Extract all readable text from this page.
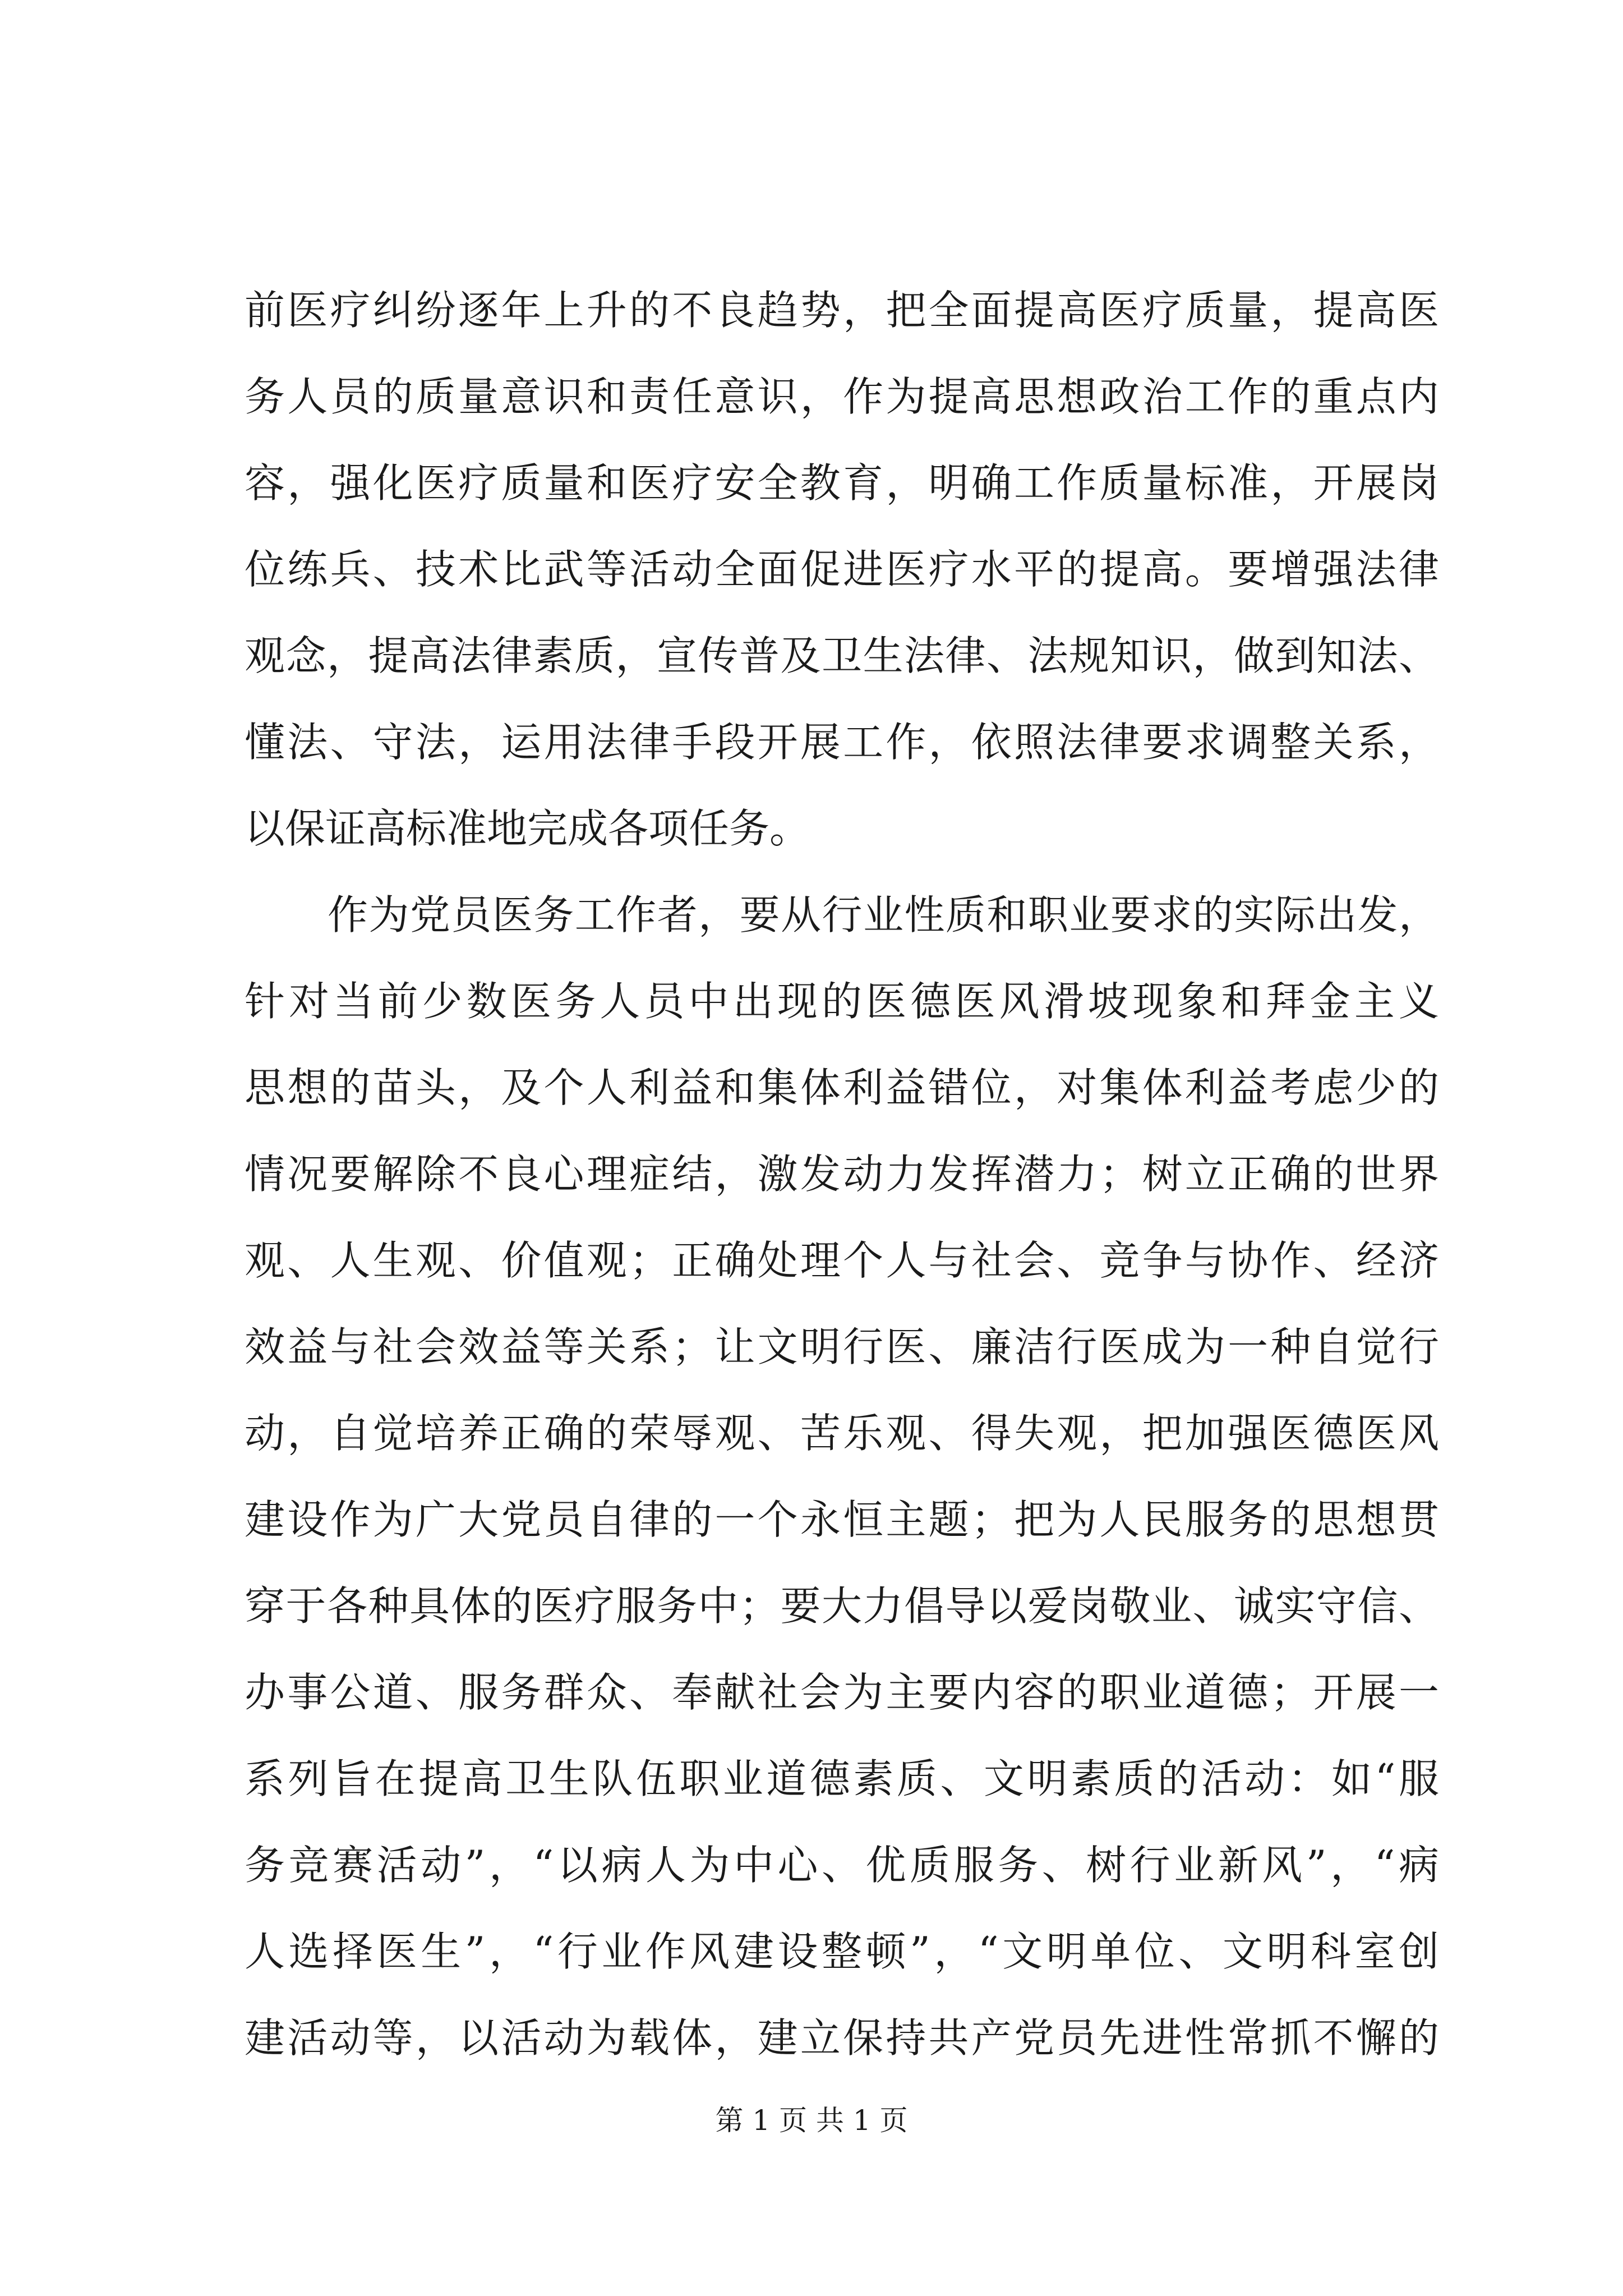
前医疗纠纷逐年上升的不良趋势，把全面提高医疗质量，提高医
务人员的质量意识和责任意识，作为提高思想政治工作的重点内
容，强化医疗质量和医疗安全教育，明确工作质量标准，开展岗
位练兵、技术比武等活动全面促进医疗水平的提高。要增强法律
观念，提高法律素质，宣传普及卫生法律、法规知识，做到知法、
懂法、守法，运用法律手段开展工作，依照法律要求调整关系，
以保证高标准地完成各项任务。
作为党员医务工作者，要从行业性质和职业要求的实际出发，
针对当前少数医务人员中出现的医德医风滑坡现象和拜金主义
思想的苗头，及个人利益和集体利益错位，对集体利益考虑少的
情况要解除不良心理症结，激发动力发挥潜力；树立正确的世界
观、人生观、价值观；正确处理个人与社会、竞争与协作、经济
效益与社会效益等关系；让文明行医、廉洁行医成为一种自觉行
动，自觉培养正确的荣辱观、苦乐观、得失观，把加强医德医风
建设作为广大党员自律的一个永恒主题；把为人民服务的思想贯
穿于各种具体的医疗服务中；要大力倡导以爱岗敬业、诚实守信、
办事公道、服务群众、奉献社会为主要内容的职业道德；开展一
系列旨在提高卫生队伍职业道德素质、文明素质的活动：如“服
务竞赛活动”，“以病人为中心、优质服务、树行业新风”，“病
人选择医生”，“行业作风建设整顿”，“文明单位、文明科室创
建活动等，以活动为载体，建立保持共产党员先进性常抓不懈的
第 1 页 共 1 页
